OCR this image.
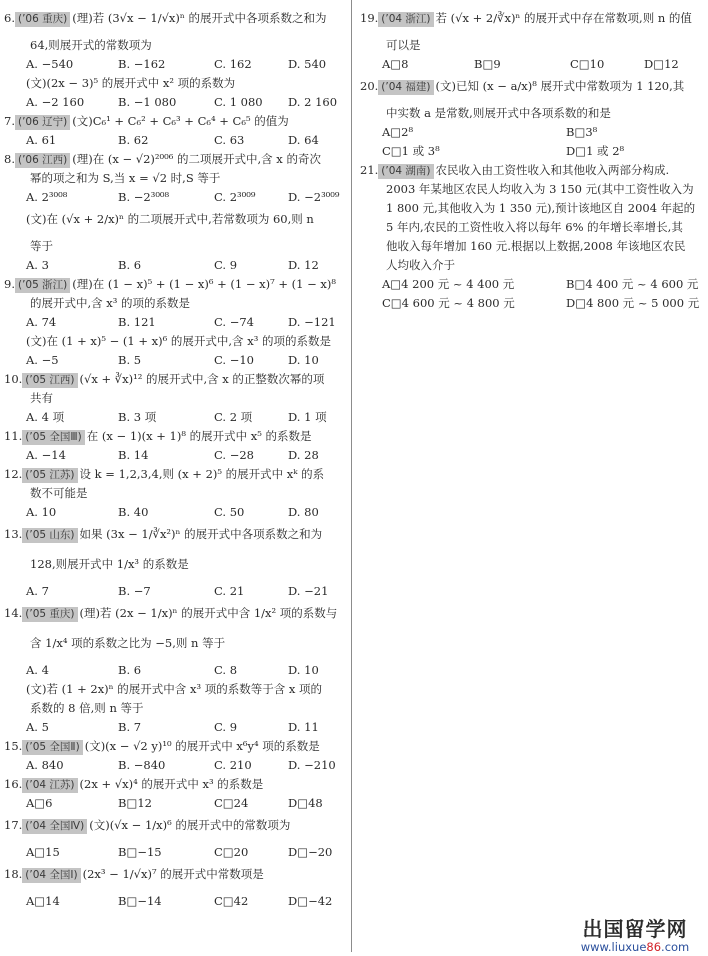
6. (’06 重庆) (理)若 (3√x − 1/√x)ⁿ 的展开式中各项系数之和为
64,则展开式的常数项为
A. −540	B. −162	C. 162	D. 540
(文)(2x − 3)⁵ 的展开式中 x² 项的系数为
A. −2 160	B. −1 080	C. 1 080 D. 2 160
7. (’06 辽宁) (文)C₆¹ + C₆² + C₆³ + C₆⁴ + C₆⁵ 的值为
A. 61	B. 62	C. 63	D. 64
8. (’06 江西) (理)在 (x − √2)²⁰⁰⁶ 的二项展开式中,含 x 的奇次
幂的项之和为 S,当 x = √2 时,S 等于
A. 2³⁰⁰⁸	B. −2³⁰⁰⁸	C. 2³⁰⁰⁹	D. −2³⁰⁰⁹
(文)在 (√x + 2/x)ⁿ 的二项展开式中,若常数项为 60,则 n
等于
A. 3	B. 6	C. 9	D. 12
9. (’05 浙江) (理)在 (1 − x)⁵ + (1 − x)⁶ + (1 − x)⁷ + (1 − x)⁸
的展开式中,含 x³ 的项的系数是
A. 74	B. 121	C. −74	D. −121
(文)在 (1 + x)⁵ − (1 + x)⁶ 的展开式中,含 x³ 的项的系数是
A. −5	B. 5	C. −10	D. 10
10. (’05 江西) (√x + ∛x)¹² 的展开式中,含 x 的正整数次幂的项
共有
A. 4 项	B. 3 项	C. 2 项	D. 1 项
11. (’05 全国Ⅲ) 在 (x − 1)(x + 1)⁸ 的展开式中 x⁵ 的系数是
A. −14	B. 14	C. −28	D. 28
12. (’05 江苏) 设 k = 1,2,3,4,则 (x + 2)⁵ 的展开式中 xᵏ 的系
数不可能是
A. 10	B. 40	C. 50	D. 80
13. (’05 山东) 如果 (3x − 1/∛x²)ⁿ 的展开式中各项系数之和为
128,则展开式中 1/x³ 的系数是
A. 7	B. −7	C. 21	D. −21
14. (’05 重庆) (理)若 (2x − 1/x)ⁿ 的展开式中含 1/x² 项的系数与
含 1/x⁴ 项的系数之比为 −5,则 n 等于
A. 4	B. 6	C. 8	D. 10
(文)若 (1 + 2x)ⁿ 的展开式中含 x³ 项的系数等于含 x 项的
系数的 8 倍,则 n 等于
A. 5	B. 7	C. 9	D. 11
15. (’05 全国Ⅱ) (文)(x − √2 y)¹⁰ 的展开式中 x⁶y⁴ 项的系数是
A. 840	B. −840	C. 210	D. −210
16. (’04 江苏) (2x + √x)⁴ 的展开式中 x³ 的系数是
A□6	B□12	C□24	D□48
17. (’04 全国Ⅳ) (文)(√x − 1/x)⁶ 的展开式中的常数项为
A□15	B□−15	C□20	D□−20
18. (’04 全国Ⅰ) (2x³ − 1/√x)⁷ 的展开式中常数项是
A□14	B□−14	C□42	D□−42
19. (’04 浙江) 若 (√x + 2/∛x)ⁿ 的展开式中存在常数项,则 n 的值
可以是
A□8	B□9	C□10	D□12
20. (’04 福建) (文)已知 (x − a/x)⁸ 展开式中常数项为 1 120,其
中实数 a 是常数,则展开式中各项系数的和是
A□2⁸	B□3⁸
C□1 或 3⁸	D□1 或 2⁸
21. (’04 湖南) 农民收入由工资性收入和其他收入两部分构成.
2003 年某地区农民人均收入为 3 150 元(其中工资性收入为
1 800 元,其他收入为 1 350 元),预计该地区自 2004 年起的
5 年内,农民的工资性收入将以每年 6% 的年增长率增长,其
他收入每年增加 160 元.根据以上数据,2008 年该地区农民
人均收入介于
A□4 200 元 ~ 4 400 元	B□4 400 元 ~ 4 600 元
C□4 600 元 ~ 4 800 元	D□4 800 元 ~ 5 000 元
出国留学网
www.liuxue86.com
